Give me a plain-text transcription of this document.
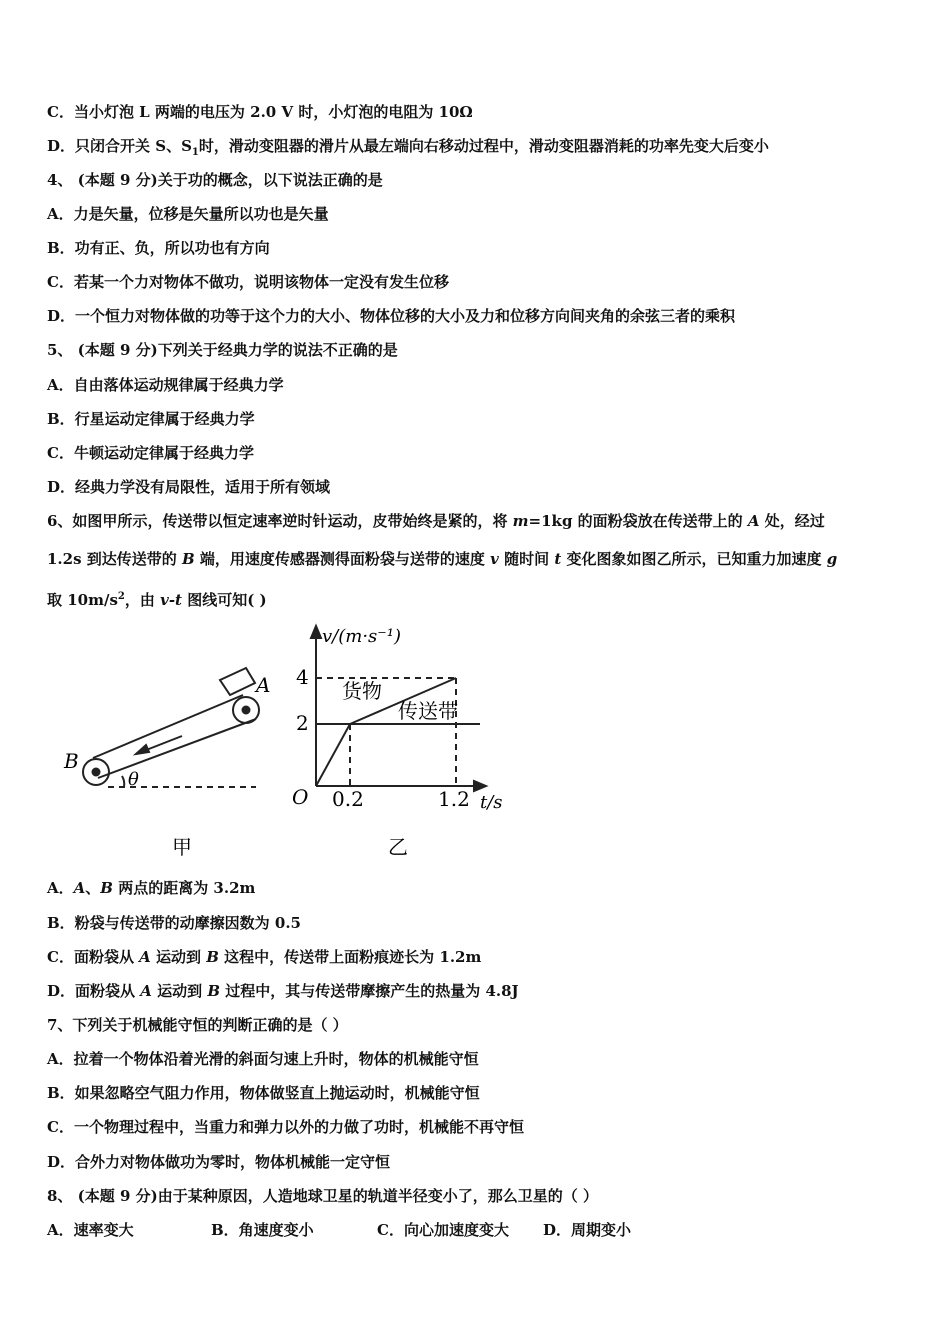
C．当小灯泡 L 两端的电压为 2.0 V 时，小灯泡的电阻为 10Ω
D．只闭合开关 S、$S_1$时，滑动变阻器的滑片从最左端向右移动过程中，滑动变阻器消耗的功率先变大后变小
4、 (本题 9 分)关于功的概念，以下说法正确的是
A．力是矢量，位移是矢量所以功也是矢量
B．功有正、负，所以功也有方向
C．若某一个力对物体不做功，说明该物体一定没有发生位移
D．一个恒力对物体做的功等于这个力的大小、物体位移的大小及力和位移方向间夹角的余弦三者的乘积
5、 (本题 9 分)下列关于经典力学的说法不正确的是
A．自由落体运动规律属于经典力学
B．行星运动定律属于经典力学
C．牛顿运动定律属于经典力学
D．经典力学没有局限性，适用于所有领域
6、如图甲所示，传送带以恒定速率逆时针运动，皮带始终是紧的，将 m=1kg 的面粉袋放在传送带上的 A 处，经过
1.2s 到达传送带的 B 端，用速度传感器测得面粉袋与送带的速度 v 随时间 t 变化图象如图乙所示，已知重力加速度 g
取 $10m/s^2$，由 v-t 图线可知( )
A
B
θ
甲
v/(m·s⁻¹)
4
2
O 0.2	1.2 t/s
货物
传送带
乙
A．A、B 两点的距离为 3.2m
B．粉袋与传送带的动摩擦因数为 0.5
C．面粉袋从 A 运动到 B 这程中，传送带上面粉痕迹长为 1.2m
D．面粉袋从 A 运动到 B 过程中，其与传送带摩擦产生的热量为 4.8J
7、下列关于机械能守恒的判断正确的是（ ）
A．拉着一个物体沿着光滑的斜面匀速上升时，物体的机械能守恒
B．如果忽略空气阻力作用，物体做竖直上抛运动时，机械能守恒
C．一个物理过程中，当重力和弹力以外的力做了功时，机械能不再守恒
D．合外力对物体做功为零时，物体机械能一定守恒
8、 (本题 9 分)由于某种原因，人造地球卫星的轨道半径变小了，那么卫星的（ ）
A．速率变大	B．角速度变小	C．向心加速度变大 D．周期变小
